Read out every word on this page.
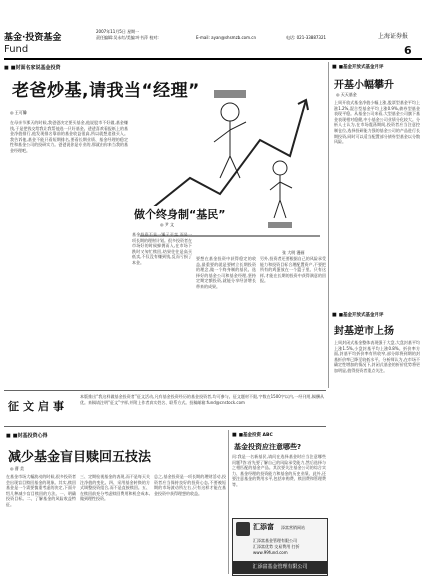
基金·投资基金
Fund
2007年11月5日 星期一
责任编辑:吴永红/美编:叶书萍 校对:	E-mail: ayan@shsmzb.com.cn	电话: 021-33887321	上海证券报
6
■ ■封面名家说基金投资
老爸炒基,请我当“经理”
◎ 王可馨
在母亲节那天的时候,我爸爸决定要买基金,他说股市不好做,基金赚钱,于是把钱交给我让我帮他选一只好基金。爸爸喜欢看报纸上的基金净值排行,他发现排名靠前的基金收益很高,所以就想追涨买入。我告诉他,基金不能只看短期排名,要看长期业绩、基金经理的稳定性和基金公司的投研实力。爸爸说你是专业的,那就由你来当我的基金经理吧。
张 大明 漫画
做个终身制“基民”
◎ 尹 文
基金投资不是一锤子买卖,而是一项长期的理财计划。很多投资者在市场好的时候蜂拥而入,在市场下跌时又匆忙赎回,结果往往是高买低卖,不仅没有赚到钱,反而亏损了本金。
要想在基金投资中获得稳定的收益,最重要的就是要树立长期投资的理念,做一个终身制的基民。选择好的基金公司和基金经理,坚持定期定额投资,就能分享经济增长带来的成果。
另外,投资者还要根据自己的风险承受能力和投资目标合理配置资产,不要把所有的鸡蛋放在一个篮子里。只有这样,才能在长期的投资中获得满意的回报。
■ ■基金开放式基金月评
开基小幅攀升
◎ 天天基金
上周开放式基金净值小幅上涨,股票型基金平均上涨1.2%,混合型基金平均上涨0.9%,债券型基金表现平稳。从基金公司来看,大型基金公司旗下基金表现相对稳健,中小基金公司业绩分化较大。分析人士认为,在市场震荡期间,投资者应当注意控制仓位,选择投研能力强的基金公司的产品进行长期投资,同时可以适当配置部分债券型基金以分散风险。
■ ■基金开放式基金月评
封基逆市上扬
上周封闭式基金整体表现强于大盘,大盘封基平均上涨1.5%,小盘封基平均上涨0.8%。折价率方面,封基平均折价率有所收窄,部分即将到期的封基折价率已降至较低水平。分析师认为,在市场不确定性增加的情况下,封闭式基金的折价优势将更加明显,值得投资者重点关注。
征文启事
本版推出“我这样做基金投资者”征文活动,凡有基金投资经历的基金投资者,均可参与。征文题材不限,字数在1500字以内,一经刊用,稿酬从优。来稿请注明“征文”字样,并附上作者真实姓名、联系方式。投稿邮箱:fund@cnstock.com
■ ■封基投资心得
减少基金盲目赎回五技法
◎ 曹 美
在基金市场大幅波动的时候,很多投资者会出现盲目赎回基金的现象。其实,赎回基金是一个需要慎重考虑的决定,下面介绍几种减少盲目赎回的方法。一、明确投资目标。二、了解基金的风险收益特征。
三、定期检视基金的表现,而不是每天关注净值的变化。四、采用基金转换的方式调整投资组合,而不是直接赎回。五、在赎回前充分考虑赎回费用和机会成本,做到理性投资。
总之,基金投资是一项长期的理财活动,投资者应当保持良好的投资心态,不要被短期的市场波动所左右,只有这样才能在基金投资中获得理想的收益。
■ ■基金投资 ABC
基金投资应注意哪些?
问:我是一名新基民,请问在选择基金时应当注意哪些问题?答:首先要了解自己的风险承受能力,然后选择与之相匹配的基金产品。其次要关注基金公司的综合实力、基金经理的投资能力和基金的历史业绩。此外,还要注意基金的费用水平,包括申购费、赎回费和管理费等。
汇添富 添富营销网站
汇添富基金管理有限公司
汇添富优势 交易费用 打折
www.99fund.com
汇添富基金管理有限公司
